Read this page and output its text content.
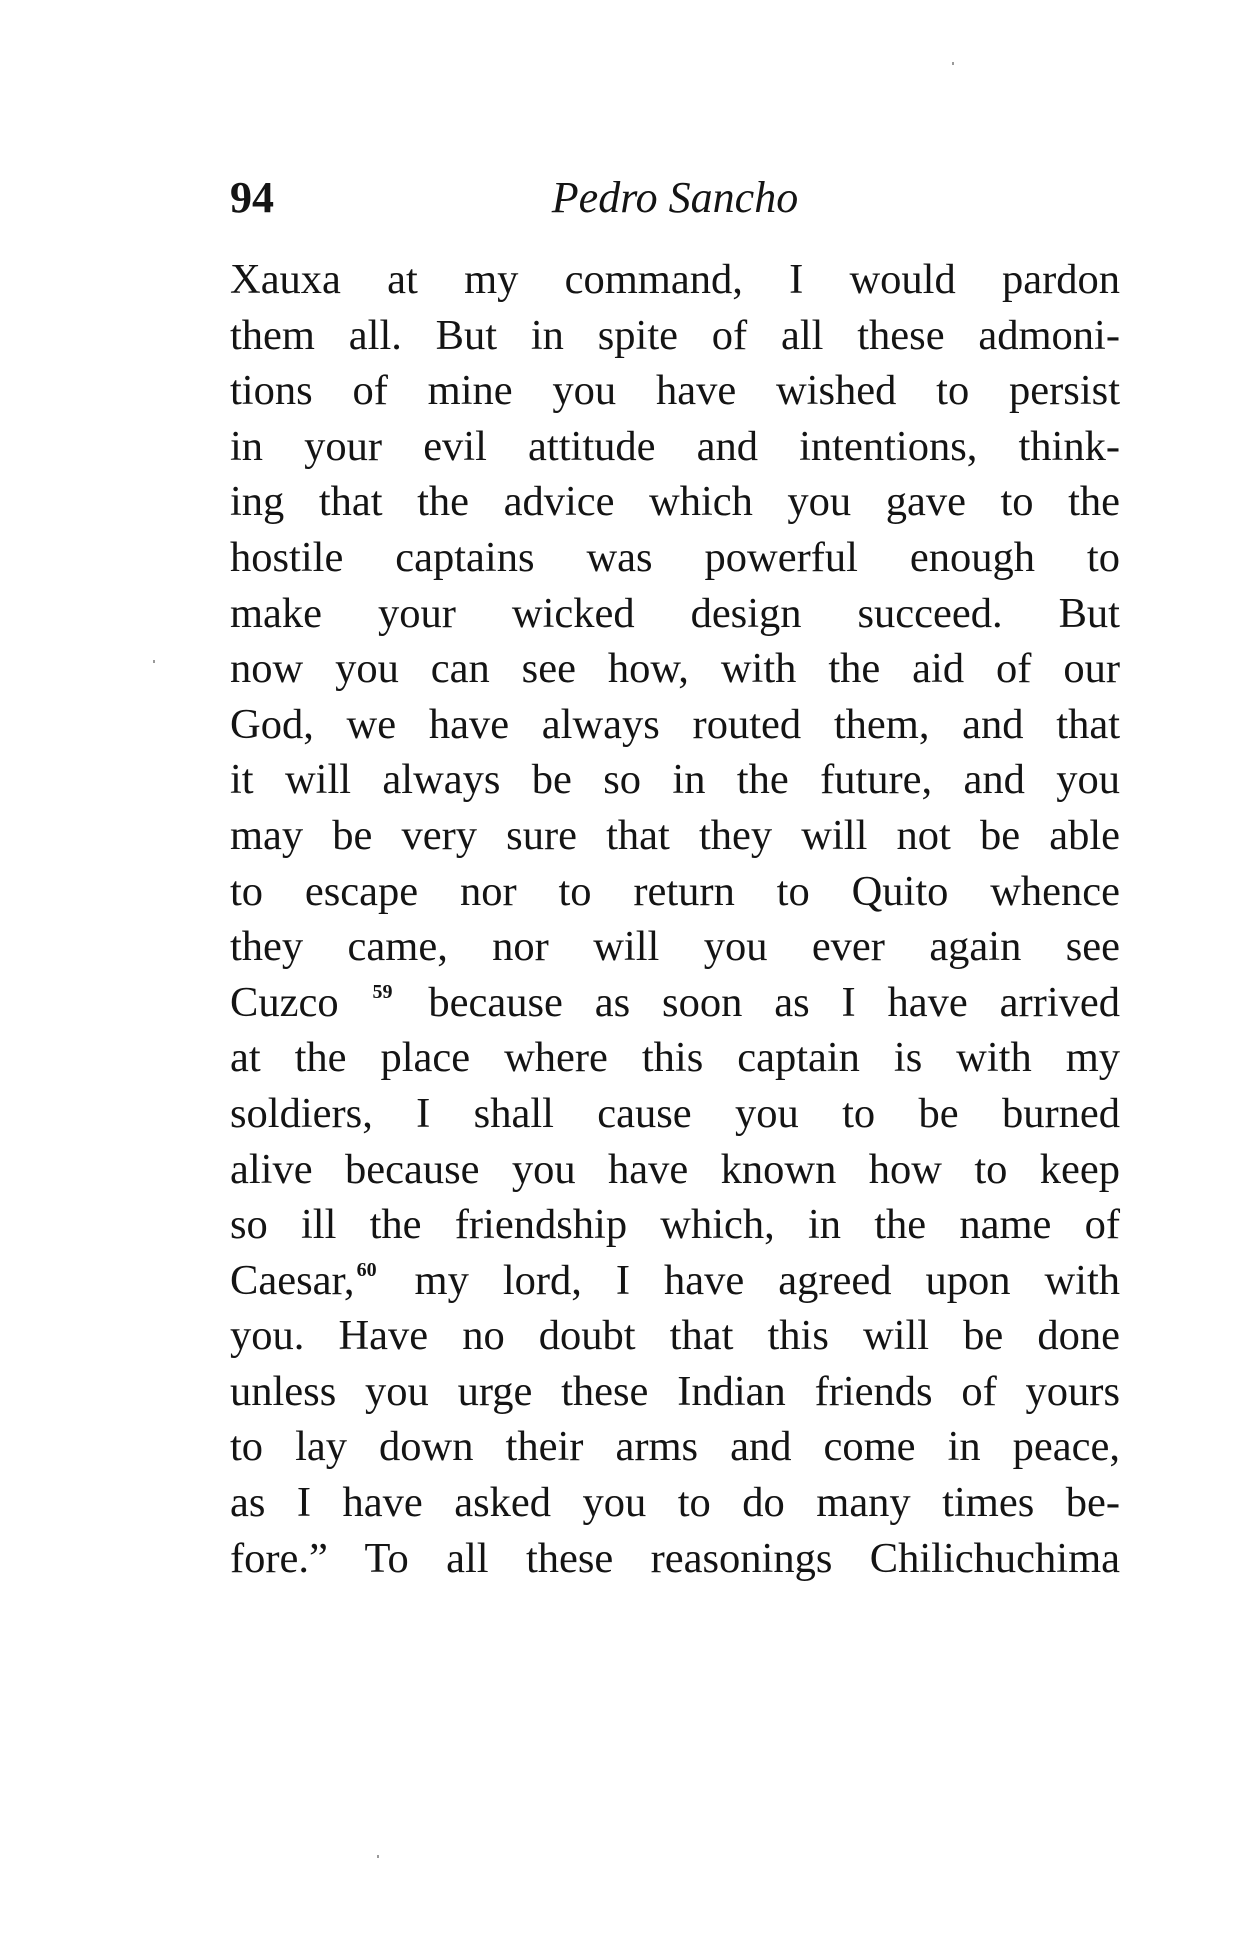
94	Pedro Sancho
Xauxa at my command, I would pardon
them all. But in spite of all these admoni-
tions of mine you have wished to persist
in your evil attitude and intentions, think-
ing that the advice which you gave to the
hostile captains was powerful enough to
make your wicked design succeed. But
now you can see how, with the aid of our
God, we have always routed them, and that
it will always be so in the future, and you
may be very sure that they will not be able
to escape nor to return to Quito whence
they came, nor will you ever again see
Cuzco $^{59}$ because as soon as I have arrived
at the place where this captain is with my
soldiers, I shall cause you to be burned
alive because you have known how to keep
so ill the friendship which, in the name of
Caesar, $^{60}$ my lord, I have agreed upon with
you. Have no doubt that this will be done
unless you urge these Indian friends of yours
to lay down their arms and come in peace,
as I have asked you to do many times be-
fore.” To all these reasonings Chilichuchima
